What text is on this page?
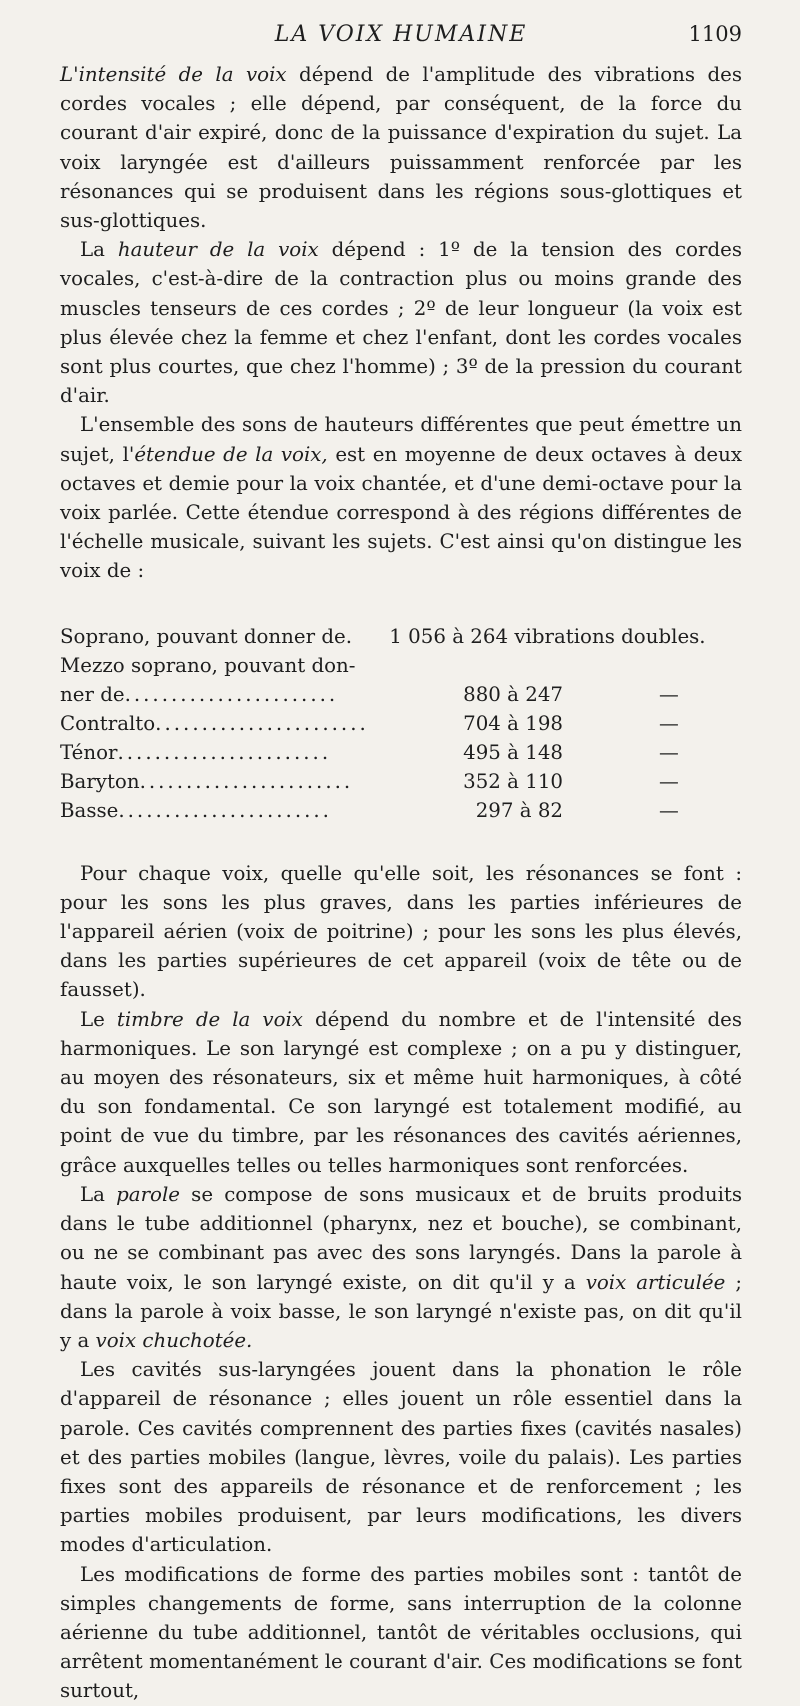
LA VOIX HUMAINE	1109

L'intensité de la voix dépend de l'amplitude des vibrations des cordes vocales ; elle dépend, par conséquent, de la force du courant d'air expiré, donc de la puissance d'expiration du sujet. La voix laryngée est d'ailleurs puissamment renforcée par les résonances qui se produisent dans les régions sous-glottiques et sus-glottiques.

La hauteur de la voix dépend : 1º de la tension des cordes vocales, c'est-à-dire de la contraction plus ou moins grande des muscles tenseurs de ces cordes ; 2º de leur longueur (la voix est plus élevée chez la femme et chez l'enfant, dont les cordes vocales sont plus courtes, que chez l'homme) ; 3º de la pression du courant d'air.

L'ensemble des sons de hauteurs différentes que peut émettre un sujet, l'étendue de la voix, est en moyenne de deux octaves à deux octaves et demie pour la voix chantée, et d'une demi-octave pour la voix parlée. Cette étendue correspond à des régions différentes de l'échelle musicale, suivant les sujets. C'est ainsi qu'on distingue les voix de :

Soprano, pouvant donner de.	1 056 à 264 vibrations doubles.
Mezzo soprano, pouvant don-
ner de.......................	880 à 247	—
Contralto.......................	704 à 198	—
Ténor.......................	495 à 148	—
Baryton.......................	352 à 110	—
Basse.......................	297 à 82	—

Pour chaque voix, quelle qu'elle soit, les résonances se font : pour les sons les plus graves, dans les parties inférieures de l'appareil aérien (voix de poitrine) ; pour les sons les plus élevés, dans les parties supérieures de cet appareil (voix de tête ou de fausset).

Le timbre de la voix dépend du nombre et de l'intensité des harmoniques. Le son laryngé est complexe ; on a pu y distinguer, au moyen des résonateurs, six et même huit harmoniques, à côté du son fondamental. Ce son laryngé est totalement modifié, au point de vue du timbre, par les résonances des cavités aériennes, grâce auxquelles telles ou telles harmoniques sont renforcées.

La parole se compose de sons musicaux et de bruits produits dans le tube additionnel (pharynx, nez et bouche), se combinant, ou ne se combinant pas avec des sons laryngés. Dans la parole à haute voix, le son laryngé existe, on dit qu'il y a voix articulée ; dans la parole à voix basse, le son laryngé n'existe pas, on dit qu'il y a voix chuchotée.

Les cavités sus-laryngées jouent dans la phonation le rôle d'appareil de résonance ; elles jouent un rôle essentiel dans la parole. Ces cavités comprennent des parties fixes (cavités nasales) et des parties mobiles (langue, lèvres, voile du palais). Les parties fixes sont des appareils de résonance et de renforcement ; les parties mobiles produisent, par leurs modifications, les divers modes d'articulation.

Les modifications de forme des parties mobiles sont : tantôt de simples changements de forme, sans interruption de la colonne aérienne du tube additionnel, tantôt de véritables occlusions, qui arrêtent momentanément le courant d'air. Ces modifications se font surtout,
